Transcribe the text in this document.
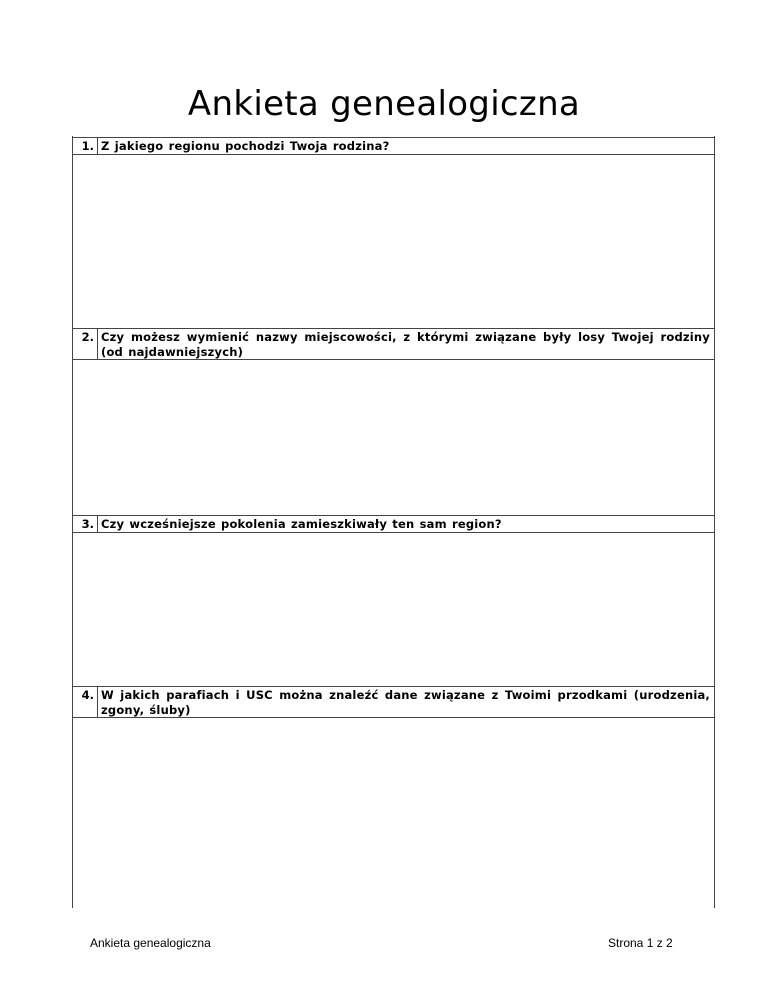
Ankieta genealogiczna
1. Z jakiego regionu pochodzi Twoja rodzina?
2. Czy możesz wymienić nazwy miejscowości, z którymi związane były losy Twojej rodziny (od najdawniejszych)
3. Czy wcześniejsze pokolenia zamieszkiwały ten sam region?
4. W jakich parafiach i USC można znaleźć dane związane z Twoimi przodkami (urodzenia, zgony, śluby)
Ankieta genealogiczna	Strona 1 z 2
